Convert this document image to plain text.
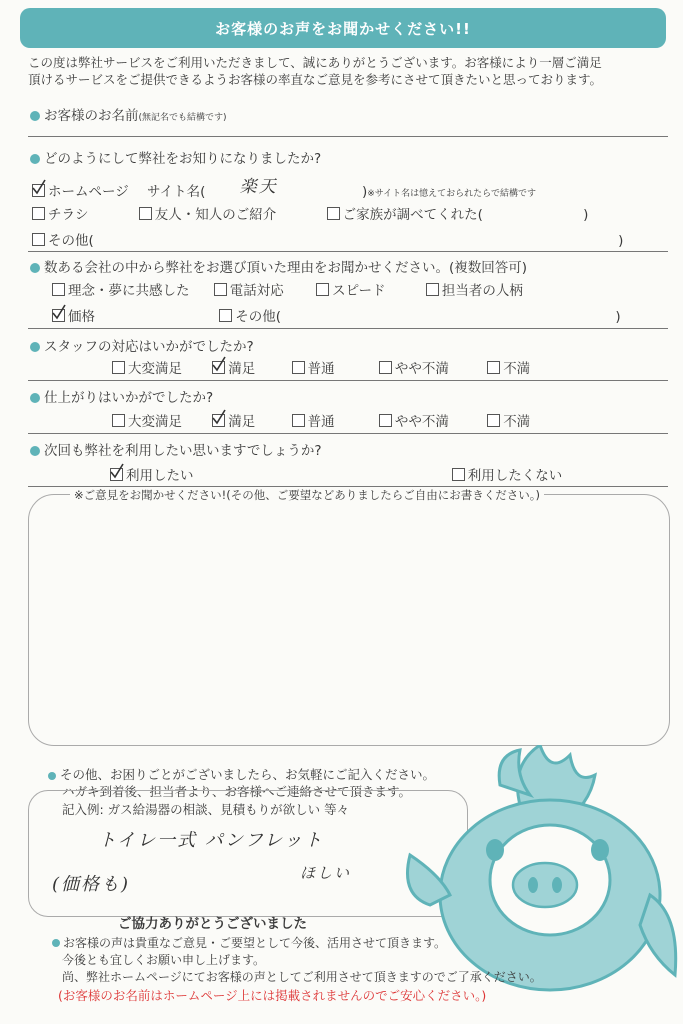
お客様のお声をお聞かせください!!
この度は弊社サービスをご利用いただきまして、誠にありがとうございます。お客様により一層ご満足
頂けるサービスをご提供できるようお客様の率直なご意見を参考にさせて頂きたいと思っております。
お客様のお名前(無記名でも結構です)
どのようにして弊社をお知りになりましたか?
ホームページ サイト名( 楽天	)※サイト名は憶えておられたらで結構です
チラシ	友人・知人のご紹介	ご家族が調べてくれた(	)
その他(	)
数ある会社の中から弊社をお選び頂いた理由をお聞かせください。(複数回答可)
理念・夢に共感した	電話対応	スピード	担当者の人柄
価格	その他(	)
スタッフの対応はいかがでしたか?
大変満足	満足	普通	やや不満	不満
仕上がりはいかがでしたか?
大変満足	満足	普通	やや不満	不満
次回も弊社を利用したい思いますでしょうか?
利用したい	利用したくない
※ご意見をお聞かせください!(その他、ご要望などありましたらご自由にお書きください。)
その他、お困りごとがございましたら、お気軽にご記入ください。
ハガキ到着後、担当者より、お客様へご連絡させて頂きます。
記入例: ガス給湯器の相談、見積もりが欲しい 等々
トイレ一式 パンフレット
(価格も)
ほしい
ご協力ありがとうございました
お客様の声は貴重なご意見・ご要望として今後、活用させて頂きます。
今後とも宜しくお願い申し上げます。
尚、弊社ホームページにてお客様の声としてご利用させて頂きますのでご了承ください。
(お客様のお名前はホームページ上には掲載されませんのでご安心ください。)
